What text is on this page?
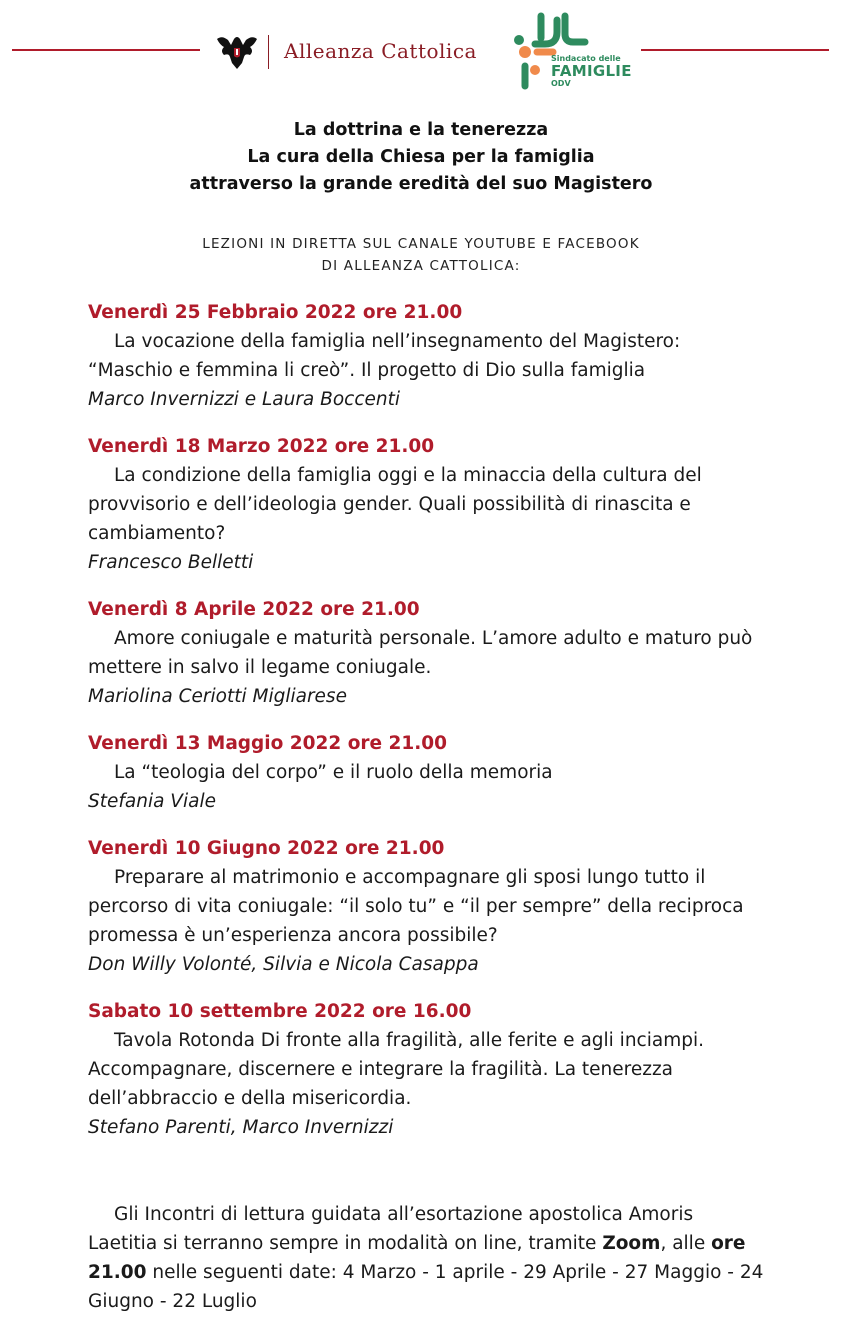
Alleanza Cattolica	Sindacato delle
FAMIGLIE
ODV
La dottrina e la tenerezza
La cura della Chiesa per la famiglia
attraverso la grande eredità del suo Magistero
LEZIONI IN DIRETTA SUL CANALE YOUTUBE E FACEBOOK
DI ALLEANZA CATTOLICA:
Venerdì 25 Febbraio 2022 ore 21.00
La vocazione della famiglia nell’insegnamento del Magistero: “Maschio e femmina li creò”. Il progetto di Dio sulla famiglia
Marco Invernizzi e Laura Boccenti
Venerdì 18 Marzo 2022 ore 21.00
La condizione della famiglia oggi e la minaccia della cultura del provvisorio e dell’ideologia gender. Quali possibilità di rinascita e cambiamento?
Francesco Belletti
Venerdì 8 Aprile 2022 ore 21.00
Amore coniugale e maturità personale. L’amore adulto e maturo può mettere in salvo il legame coniugale.
Mariolina Ceriotti Migliarese
Venerdì 13 Maggio 2022 ore 21.00
La “teologia del corpo” e il ruolo della memoria
Stefania Viale
Venerdì 10 Giugno 2022 ore 21.00
Preparare al matrimonio e accompagnare gli sposi lungo tutto il percorso di vita coniugale: “il solo tu” e “il per sempre” della reciproca promessa è un’esperienza ancora possibile?
Don Willy Volonté, Silvia e Nicola Casappa
Sabato 10 settembre 2022 ore 16.00
Tavola Rotonda Di fronte alla fragilità, alle ferite e agli inciampi. Accompagnare, discernere e integrare la fragilità. La tenerezza dell’abbraccio e della misericordia.
Stefano Parenti, Marco Invernizzi
Gli Incontri di lettura guidata all’esortazione apostolica Amoris Laetitia si terranno sempre in modalità on line, tramite Zoom, alle ore 21.00 nelle seguenti date: 4 Marzo - 1 aprile - 29 Aprile - 27 Maggio - 24 Giugno - 22 Luglio
